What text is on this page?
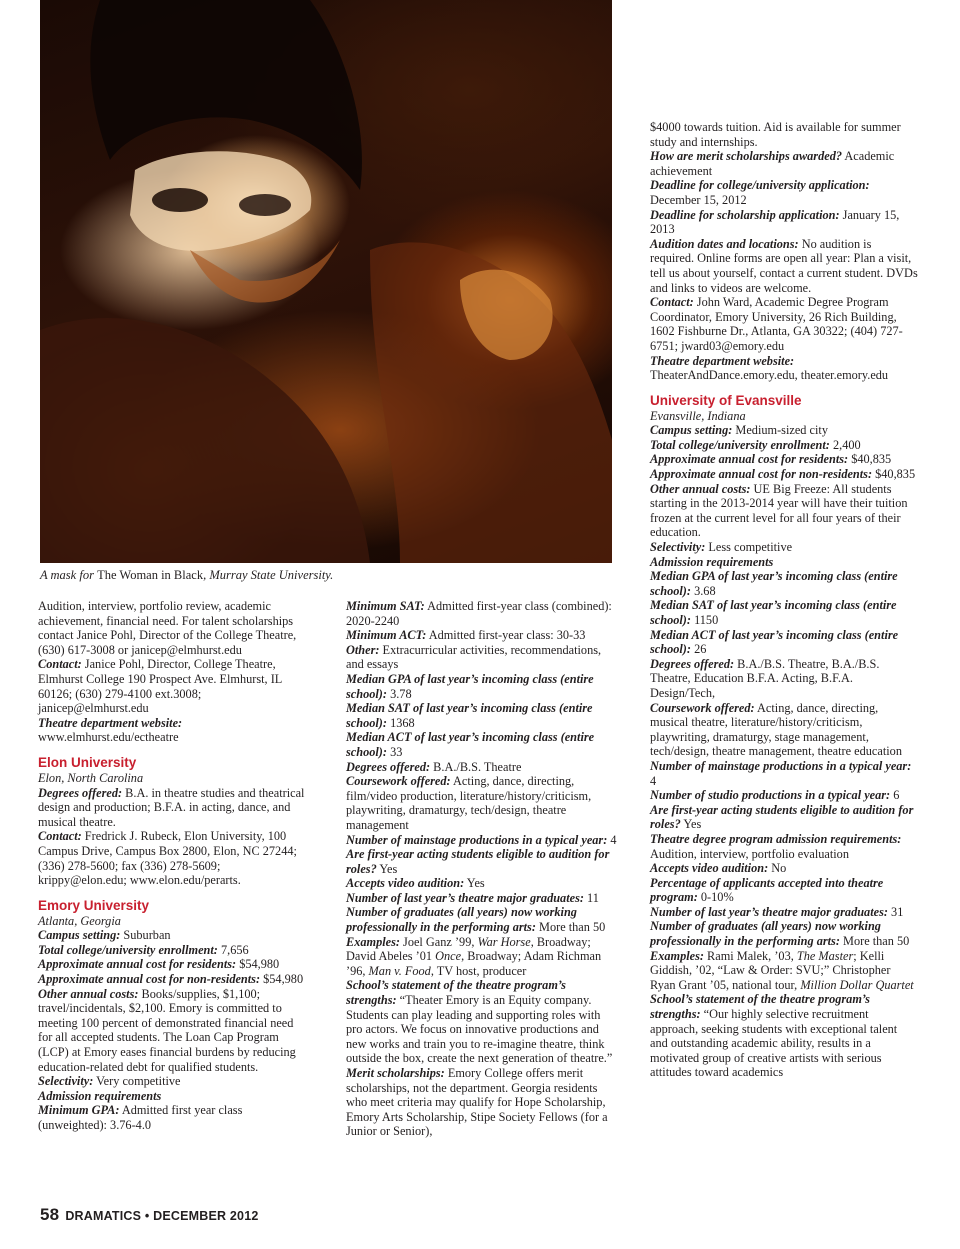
A mask for The Woman in Black, Murray State University.

Audition, interview, portfolio review, academic achievement, financial need. For talent scholarships contact Janice Pohl, Director of the College Theatre, (630) 617-3008 or janicep@elmhurst.edu

Contact: Janice Pohl, Director, College Theatre, Elmhurst College 190 Prospect Ave. Elmhurst, IL 60126; (630) 279-4100 ext.3008; janicep@elmhurst.edu

Theatre department website: www.elmhurst.edu/ectheatre

Elon University

Elon, North Carolina

Degrees offered: B.A. in theatre studies and theatrical design and production; B.F.A. in acting, dance, and musical theatre.

Contact: Fredrick J. Rubeck, Elon University, 100 Campus Drive, Campus Box 2800, Elon, NC 27244; (336) 278-5600; fax (336) 278-5609; krippy@elon.edu; www.elon.edu/perarts.

Emory University

Atlanta, Georgia

Campus setting: Suburban

Total college/university enrollment: 7,656

Approximate annual cost for residents: $54,980

Approximate annual cost for non-residents: $54,980

Other annual costs: Books/supplies, $1,100; travel/incidentals, $2,100. Emory is committed to meeting 100 percent of demonstrated financial need for all accepted students. The Loan Cap Program (LCP) at Emory eases financial burdens by reducing education-related debt for qualified students.

Selectivity: Very competitive

Admission requirements

Minimum GPA: Admitted first year class (unweighted): 3.76-4.0

Minimum SAT: Admitted first-year class (combined): 2020-2240

Minimum ACT: Admitted first-year class: 30-33

Other: Extracurricular activities, recommendations, and essays

Median GPA of last year’s incoming class (entire school): 3.78

Median SAT of last year’s incoming class (entire school): 1368

Median ACT of last year’s incoming class (entire school): 33

Degrees offered: B.A./B.S. Theatre

Coursework offered: Acting, dance, directing, film/video production, literature/history/criticism, playwriting, dramaturgy, tech/design, theatre management

Number of mainstage productions in a typical year: 4

Are first-year acting students eligible to audition for roles? Yes

Accepts video audition: Yes

Number of last year’s theatre major graduates: 11

Number of graduates (all years) now working professionally in the performing arts: More than 50

Examples: Joel Ganz ’99, War Horse, Broadway; David Abeles ’01 Once, Broadway; Adam Richman ’96, Man v. Food, TV host, producer

School’s statement of the theatre program’s strengths: “Theater Emory is an Equity company. Students can play leading and supporting roles with pro actors. We focus on innovative productions and new works and train you to re-imagine theatre, think outside the box, create the next generation of theatre.”

Merit scholarships: Emory College offers merit scholarships, not the department. Georgia residents who meet criteria may qualify for Hope Scholarship, Emory Arts Scholarship, Stipe Society Fellows (for a Junior or Senior),

$4000 towards tuition. Aid is available for summer study and internships.

How are merit scholarships awarded? Academic achievement

Deadline for college/university application: December 15, 2012

Deadline for scholarship application: January 15, 2013

Audition dates and locations: No audition is required. Online forms are open all year: Plan a visit, tell us about yourself, contact a current student. DVDs and links to videos are welcome.

Contact: John Ward, Academic Degree Program Coordinator, Emory University, 26 Rich Building, 1602 Fishburne Dr., Atlanta, GA 30322; (404) 727-6751; jward03@emory.edu

Theatre department website: TheaterAndDance.emory.edu, theater.emory.edu

University of Evansville

Evansville, Indiana

Campus setting: Medium-sized city

Total college/university enrollment: 2,400

Approximate annual cost for residents: $40,835

Approximate annual cost for non-residents: $40,835

Other annual costs: UE Big Freeze: All students starting in the 2013-2014 year will have their tuition frozen at the current level for all four years of their education.

Selectivity: Less competitive

Admission requirements

Median GPA of last year’s incoming class (entire school): 3.68

Median SAT of last year’s incoming class (entire school): 1150

Median ACT of last year’s incoming class (entire school): 26

Degrees offered: B.A./B.S. Theatre, B.A./B.S. Theatre, Education B.F.A. Acting, B.F.A. Design/Tech,

Coursework offered: Acting, dance, directing, musical theatre, literature/history/criticism, playwriting, dramaturgy, stage management, tech/design, theatre management, theatre education

Number of mainstage productions in a typical year: 4

Number of studio productions in a typical year: 6

Are first-year acting students eligible to audition for roles? Yes

Theatre degree program admission requirements: Audition, interview, portfolio evaluation

Accepts video audition: No

Percentage of applicants accepted into theatre program: 0-10%

Number of last year’s theatre major graduates: 31

Number of graduates (all years) now working professionally in the performing arts: More than 50

Examples: Rami Malek, ’03, The Master; Kelli Giddish, ’02, “Law & Order: SVU;” Christopher Ryan Grant ’05, national tour, Million Dollar Quartet

School’s statement of the theatre program’s strengths: “Our highly selective recruitment approach, seeking students with exceptional talent and outstanding academic ability, results in a motivated group of creative artists with serious attitudes toward academics

58 DRAMATICS • DECEMBER 2012
